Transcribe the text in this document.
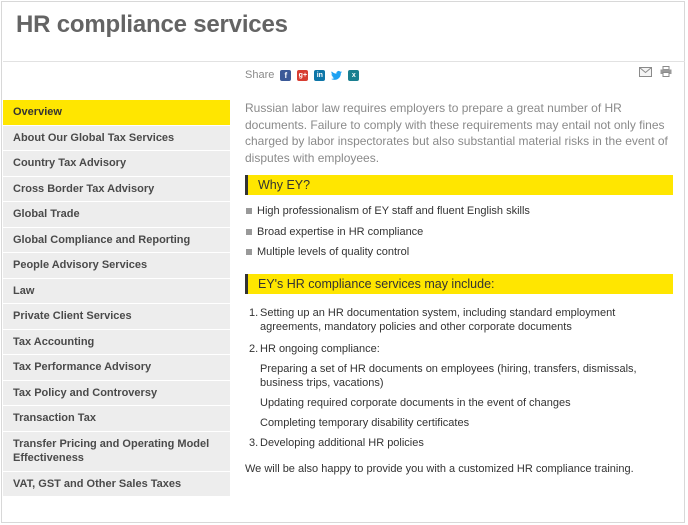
HR compliance services
Share	f	g+	in	x
Overview
About Our Global Tax Services
Country Tax Advisory
Cross Border Tax Advisory
Global Trade
Global Compliance and Reporting
People Advisory Services
Law
Private Client Services
Tax Accounting
Tax Performance Advisory
Tax Policy and Controversy
Transaction Tax
Transfer Pricing and Operating Model Effectiveness
VAT, GST and Other Sales Taxes

Russian labor law requires employers to prepare a great number of HR documents. Failure to comply with these requirements may entail not only fines charged by labor inspectorates but also substantial material risks in the event of disputes with employees.

Why EY?
High professionalism of EY staff and fluent English skills
Broad expertise in HR compliance
Multiple levels of quality control
EY's HR compliance services may include:
1. Setting up an HR documentation system, including standard employment agreements, mandatory policies and other corporate documents
2. HR ongoing compliance:
Preparing a set of HR documents on employees (hiring, transfers, dismissals, business trips, vacations)
Updating required corporate documents in the event of changes
Completing temporary disability certificates
3. Developing additional HR policies

We will be also happy to provide you with a customized HR compliance training.
